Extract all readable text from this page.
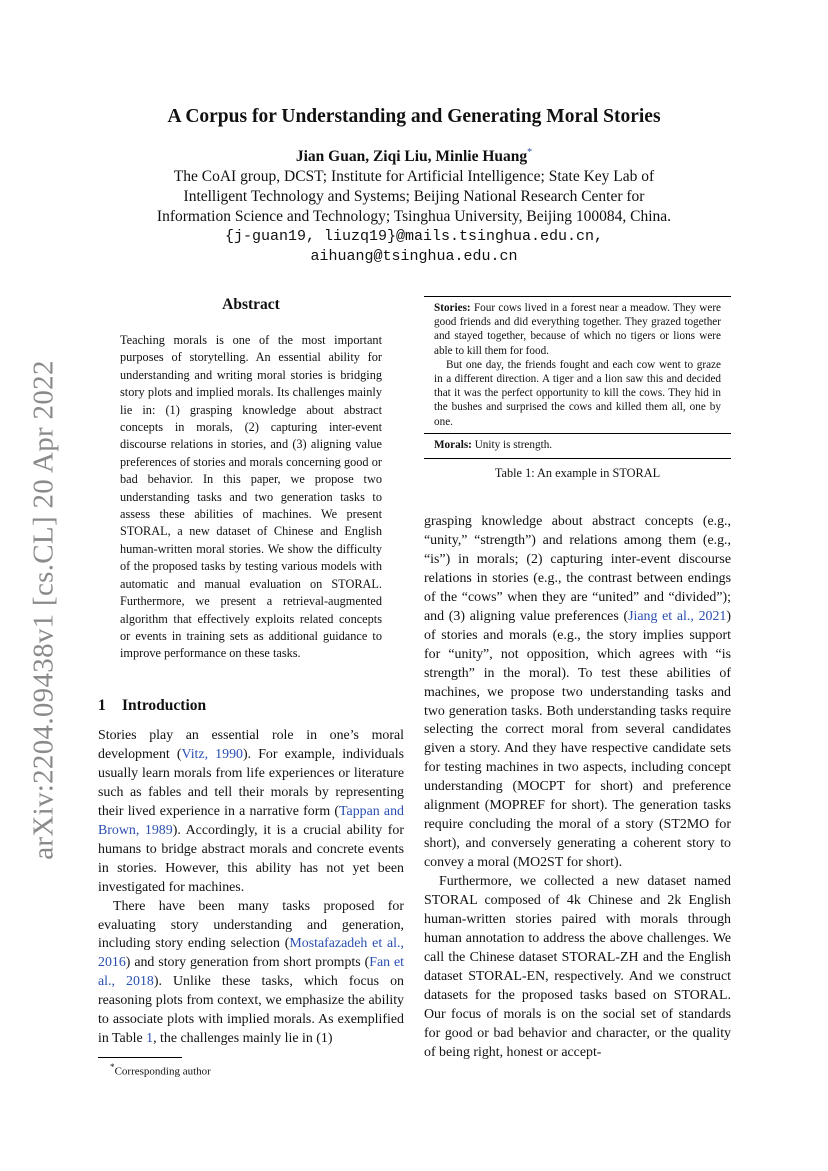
arXiv:2204.09438v1 [cs.CL] 20 Apr 2022
A Corpus for Understanding and Generating Moral Stories
Jian Guan, Ziqi Liu, Minlie Huang*
The CoAI group, DCST; Institute for Artificial Intelligence; State Key Lab of
Intelligent Technology and Systems; Beijing National Research Center for
Information Science and Technology; Tsinghua University, Beijing 100084, China.
{j-guan19, liuzq19}@mails.tsinghua.edu.cn,
aihuang@tsinghua.edu.cn
Abstract
Teaching morals is one of the most important purposes of storytelling. An essential ability for understanding and writing moral stories is bridging story plots and implied morals. Its challenges mainly lie in: (1) grasping knowledge about abstract concepts in morals, (2) capturing inter-event discourse relations in stories, and (3) aligning value preferences of stories and morals concerning good or bad behavior. In this paper, we propose two understanding tasks and two generation tasks to assess these abilities of machines. We present STORAL, a new dataset of Chinese and English human-written moral stories. We show the difficulty of the proposed tasks by testing various models with automatic and manual evaluation on STORAL. Furthermore, we present a retrieval-augmented algorithm that effectively exploits related concepts or events in training sets as additional guidance to improve performance on these tasks.
1 Introduction

Stories play an essential role in one’s moral development (Vitz, 1990). For example, individuals usually learn morals from life experiences or literature such as fables and tell their morals by representing their lived experience in a narrative form (Tappan and Brown, 1989). Accordingly, it is a crucial ability for humans to bridge abstract morals and concrete events in stories. However, this ability has not yet been investigated for machines.

There have been many tasks proposed for evaluating story understanding and generation, including story ending selection (Mostafazadeh et al., 2016) and story generation from short prompts (Fan et al., 2018). Unlike these tasks, which focus on reasoning plots from context, we emphasize the ability to associate plots with implied morals. As exemplified in Table 1, the challenges mainly lie in (1)

Stories: Four cows lived in a forest near a meadow. They were good friends and did everything together. They grazed together and stayed together, because of which no tigers or lions were able to kill them for food.

But one day, the friends fought and each cow went to graze in a different direction. A tiger and a lion saw this and decided that it was the perfect opportunity to kill the cows. They hid in the bushes and surprised the cows and killed them all, one by one.

Morals: Unity is strength.
Table 1: An example in STORAL

grasping knowledge about abstract concepts (e.g., “unity,” “strength”) and relations among them (e.g., “is”) in morals; (2) capturing inter-event discourse relations in stories (e.g., the contrast between endings of the “cows” when they are “united” and “divided”); and (3) aligning value preferences (Jiang et al., 2021) of stories and morals (e.g., the story implies support for “unity”, not opposition, which agrees with “is strength” in the moral). To test these abilities of machines, we propose two understanding tasks and two generation tasks. Both understanding tasks require selecting the correct moral from several candidates given a story. And they have respective candidate sets for testing machines in two aspects, including concept understanding (MOCPT for short) and preference alignment (MOPREF for short). The generation tasks require concluding the moral of a story (ST2MO for short), and conversely generating a coherent story to convey a moral (MO2ST for short).

Furthermore, we collected a new dataset named STORAL composed of 4k Chinese and 2k English human-written stories paired with morals through human annotation to address the above challenges. We call the Chinese dataset STORAL-ZH and the English dataset STORAL-EN, respectively. And we construct datasets for the proposed tasks based on STORAL. Our focus of morals is on the social set of standards for good or bad behavior and character, or the quality of being right, honest or accept-

*Corresponding author
